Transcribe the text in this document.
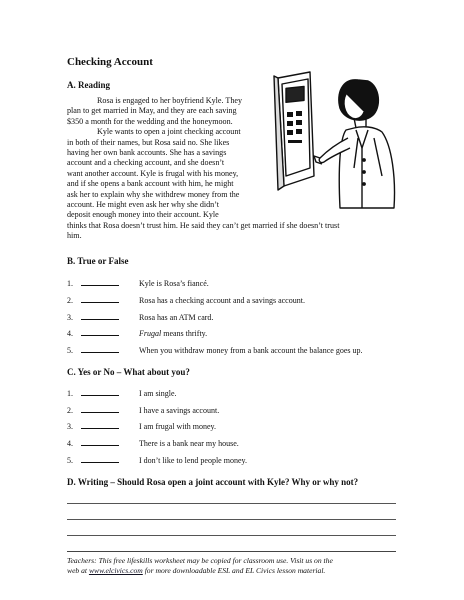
Checking Account
A. Reading
Rosa is engaged to her boyfriend Kyle. They
plan to get married in May, and they are each saving
$350 a month for the wedding and the honeymoon.
Kyle wants to open a joint checking account
in both of their names, but Rosa said no. She likes
having her own bank accounts. She has a savings
account and a checking account, and she doesn’t
want another account. Kyle is frugal with his money,
and if she opens a bank account with him, he might
ask her to explain why she withdrew money from the
account. He might even ask her why she didn’t
deposit enough money into their account. Kyle
thinks that Rosa doesn’t trust him. He said they can’t get married if she doesn’t trust
him.
B. True or False
1.	Kyle is Rosa’s fiancé.
2.	Rosa has a checking account and a savings account.
3.	Rosa has an ATM card.
4.	Frugal means thrifty.
5.	When you withdraw money from a bank account the balance goes up.
C. Yes or No – What about you?
1.	I am single.
2.	I have a savings account.
3.	I am frugal with money.
4.	There is a bank near my house.
5.	I don’t like to lend people money.
D. Writing – Should Rosa open a joint account with Kyle? Why or why not?
Teachers: This free lifeskills worksheet may be copied for classroom use. Visit us on the
web at www.elcivics.com for more downloadable ESL and EL Civics lesson material.
